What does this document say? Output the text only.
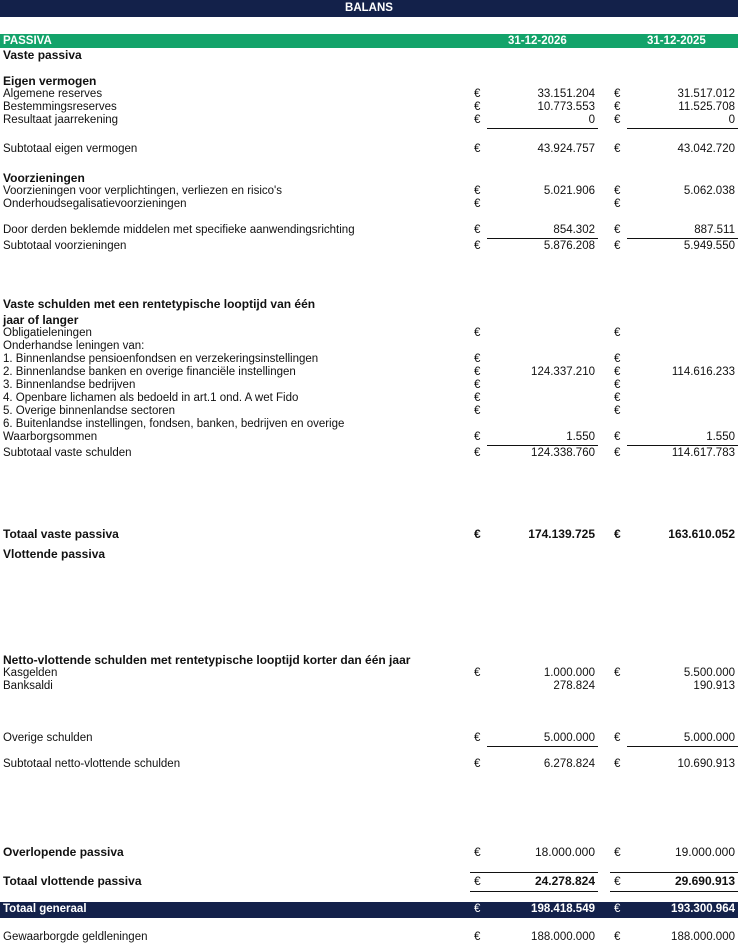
BALANS
PASSIVA	31-12-2026	31-12-2025
Vaste passiva
Eigen vermogen
Algemene reserves	€	33.151.204 €	31.517.012
Bestemmingsreserves	€	10.773.553 €	11.525.708
Resultaat jaarrekening	€	0 €	0
Subtotaal eigen vermogen	€	43.924.757 €	43.042.720
Voorzieningen
Voorzieningen voor verplichtingen, verliezen en risico's	€	5.021.906 €	5.062.038
Onderhoudsegalisatievoorzieningen	€	€
Door derden beklemde middelen met specifieke aanwendingsrichting	€	854.302 €	887.511
Subtotaal voorzieningen	€	5.876.208 €	5.949.550
Vaste schulden met een rentetypische looptijd van één
jaar of langer
Obligatieleningen	€	€
Onderhandse leningen van:
1. Binnenlandse pensioenfondsen en verzekeringsinstellingen	€	€
2. Binnenlandse banken en overige financiële instellingen	€	124.337.210 €	114.616.233
3. Binnenlandse bedrijven	€	€
4. Openbare lichamen als bedoeld in art.1 ond. A wet Fido	€	€
5. Overige binnenlandse sectoren	€	€
6. Buitenlandse instellingen, fondsen, banken, bedrijven en overige
Waarborgsommen	€	1.550 €	1.550
Subtotaal vaste schulden	€	124.338.760 €	114.617.783
Totaal vaste passiva	€	174.139.725 €	163.610.052
Vlottende passiva
Netto-vlottende schulden met rentetypische looptijd korter dan één jaar
Kasgelden	€	1.000.000 €	5.500.000
Banksaldi	278.824	190.913
Overige schulden	€	5.000.000 €	5.000.000
Subtotaal netto-vlottende schulden	€	6.278.824 €	10.690.913
Overlopende passiva	€	18.000.000 €	19.000.000
Totaal vlottende passiva	€	24.278.824 €	29.690.913
Totaal generaal	€	198.418.549 €	193.300.964
Gewaarborgde geldleningen	€	188.000.000 €	188.000.000
